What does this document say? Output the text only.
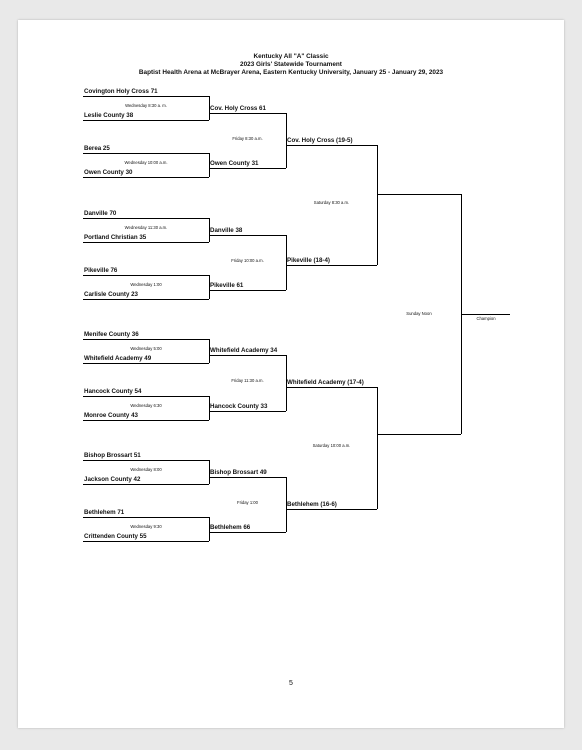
Kentucky All "A" Classic
2023 Girls' Statewide Tournament
Baptist Health Arena at McBrayer Arena, Eastern Kentucky University, January 25 - January 29, 2023
Covington Holy Cross 71
Leslie County 38
Wednesday 8:30 a. m.
Berea 25
Owen County 30
Wednesday 10:00 a.m.
Danville 70
Portland Christian 35
Wednesday 11:30 a.m.
Pikeville 76
Carlisle County 23
Wednesday 1:00
Menifee County 36
Whitefield Academy 49
Wednesday 5:00
Hancock County 54
Monroe County 43
Wednesday 6:30
Bishop Brossart 51
Jackson County 42
Wednesday 8:00
Bethlehem 71
Crittenden County 55
Wednesday 9:30
Cov. Holy Cross 61
Owen County 31
Friday 8:30 a.m.
Danville 38
Pikeville 61
Friday 10:00 a.m.
Whitefield Academy 34
Hancock County 33
Friday 11:30 a.m.
Bishop Brossart 49
Bethlehem 66
Friday 1:00
Cov. Holy Cross (19-5)
Pikeville (18-4)
Saturday 8:30 a.m.
Whitefield Academy (17-4)
Bethlehem (16-6)
Saturday 10:00 a.m.
Sunday Noon
Champion
5
